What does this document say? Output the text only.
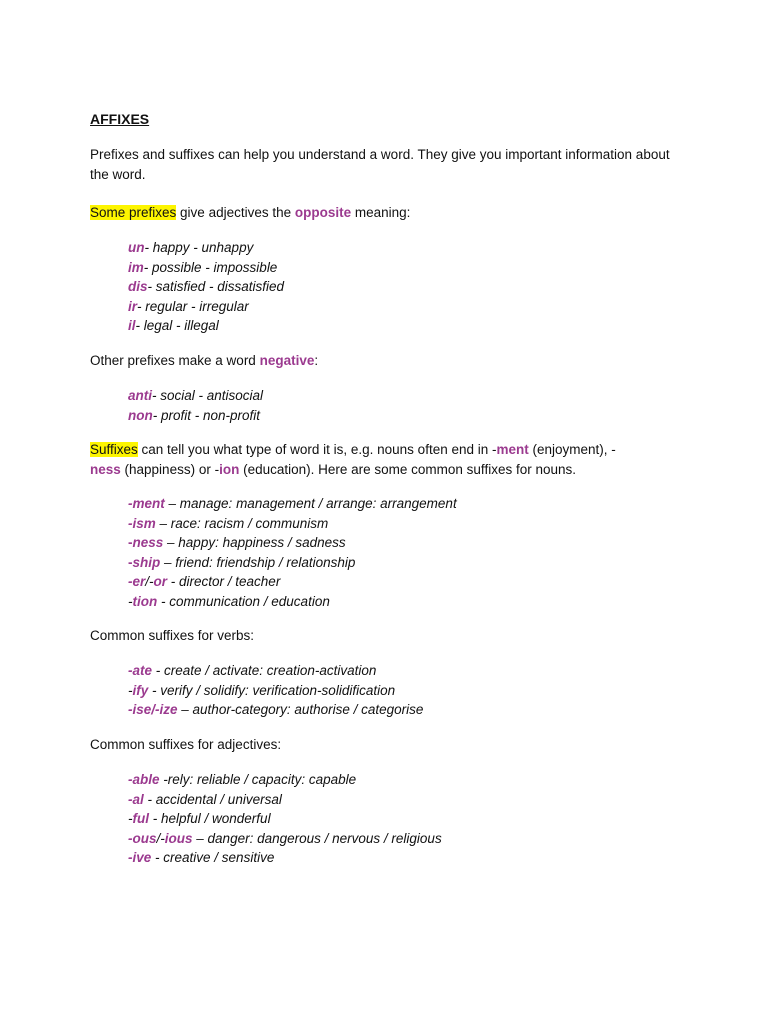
AFFIXES
Prefixes and suffixes can help you understand a word. They give you important information about the word.
Some prefixes give adjectives the opposite meaning:
un- happy - unhappy
im- possible - impossible
dis- satisfied - dissatisfied
ir- regular - irregular
il- legal - illegal
Other prefixes make a word negative:
anti- social - antisocial
non- profit - non-profit
Suffixes can tell you what type of word it is, e.g. nouns often end in -ment (enjoyment), -ness (happiness) or -ion (education). Here are some common suffixes for nouns.
-ment – manage: management / arrange: arrangement
-ism – race: racism / communism
-ness – happy: happiness / sadness
-ship – friend: friendship / relationship
-er/-or - director / teacher
-tion - communication / education
Common suffixes for verbs:
-ate - create / activate: creation-activation
-ify - verify / solidify: verification-solidification
-ise/-ize – author-category: authorise / categorise
Common suffixes for adjectives:
-able -rely: reliable / capacity: capable
-al - accidental / universal
-ful - helpful / wonderful
-ous/-ious – danger: dangerous / nervous / religious
-ive - creative / sensitive
